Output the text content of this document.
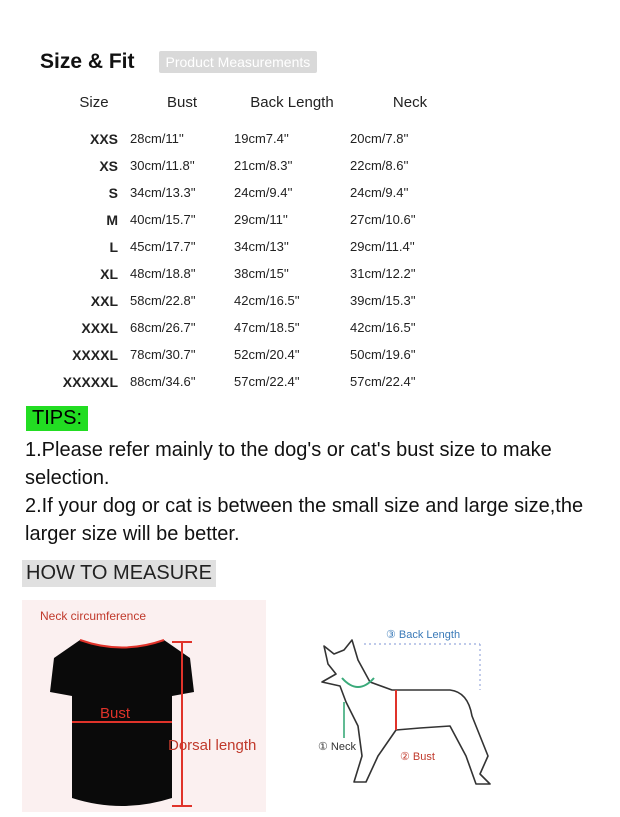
Size & Fit	Product Measurements
Size	Bust	Back Length	Neck
XXS	28cm/11''	19cm7.4''	20cm/7.8''
XS	30cm/11.8''	21cm/8.3''	22cm/8.6''
S	34cm/13.3''	24cm/9.4''	24cm/9.4''
M	40cm/15.7''	29cm/11''	27cm/10.6''
L	45cm/17.7''	34cm/13''	29cm/11.4''
XL	48cm/18.8''	38cm/15''	31cm/12.2''
XXL	58cm/22.8''	42cm/16.5''	39cm/15.3''
XXXL	68cm/26.7''	47cm/18.5''	42cm/16.5''
XXXXL	78cm/30.7''	52cm/20.4''	50cm/19.6''
XXXXXL	88cm/34.6''	57cm/22.4''	57cm/22.4''
TIPS:

1.Please refer mainly to the dog's or cat's bust size to make selection.

2.If your dog or cat is between the small size and large size,the larger size will be better.

HOW TO MEASURE
Neck circumference
Bust
Dorsal length
③ Back Length
① Neck
② Bust
